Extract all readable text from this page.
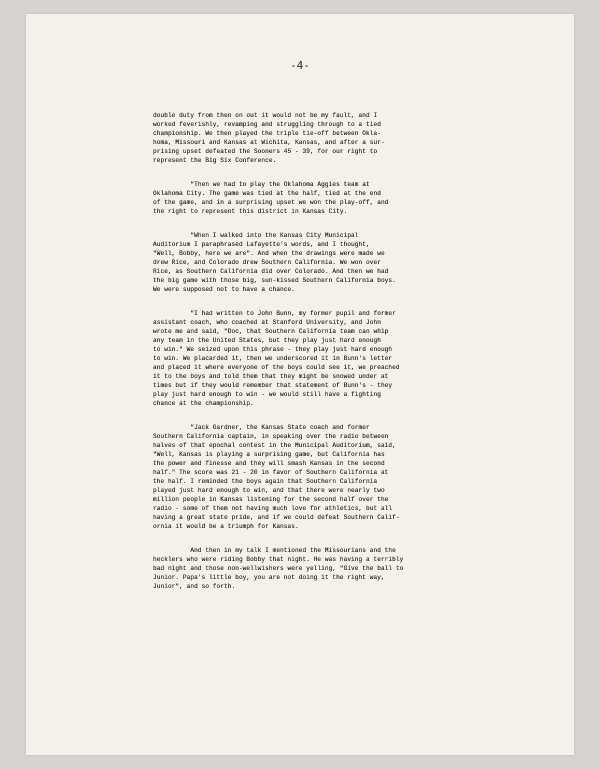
-4-
double duty from then on out it would not be my fault, and I
worked feverishly, revamping and struggling through to a tied
championship. We then played the triple tie-off between Okla-
homa, Missouri and Kansas at Wichita, Kansas, and after a sur-
prising upset defeated the Sooners 45 - 39, for our right to
represent the Big Six Conference.
"Then we had to play the Oklahoma Aggies team at
Oklahoma City. The game was tied at the half, tied at the end
of the game, and in a surprising upset we won the play-off, and
the right to represent this district in Kansas City.
"When I walked into the Kansas City Municipal
Auditorium I paraphrased Lafayette's words, and I thought,
"Well, Bobby, here we are". And when the drawings were made we
drew Rice, and Colorado drew Southern California. We won over
Rice, as Southern California did over Colorado. And then we had
the big game with those big, sun-kissed Southern California boys.
We were supposed not to have a chance.
"I had written to John Bunn, my former pupil and former
assistant coach, who coached at Stanford University, and John
wrote me and said, "Doc, that Southern California team can whip
any team in the United States, but they play just hard enough
to win." We seized upon this phrase - they play just hard enough
to win. We placarded it, then we underscored it in Bunn's letter
and placed it where everyone of the boys could see it, we preached
it to the boys and told them that they might be snowed under at
times but if they would remember that statement of Bunn's - they
play just hard enough to win - we would still have a fighting
chance at the championship.
"Jack Gardner, the Kansas State coach and former
Southern California captain, in speaking over the radio between
halves of that epochal contest in the Municipal Auditorium, said,
"Well, Kansas is playing a surprising game, but California has
the power and finesse and they will smash Kansas in the second
half." The score was 21 - 20 in favor of Southern California at
the half. I reminded the boys again that Southern California
played just hard enough to win, and that there were nearly two
million people in Kansas listening for the second half over the
radio - some of them not having much love for athletics, but all
having a great state pride, and if we could defeat Southern Calif-
ornia it would be a triumph for Kansas.
And then in my talk I mentioned the Missourians and the
hecklers who were riding Bobby that night. He was having a terribly
bad night and those non-wellwishers were yelling, "Give the ball to
Junior. Papa's little boy, you are not doing it the right way,
Junior", and so forth.
